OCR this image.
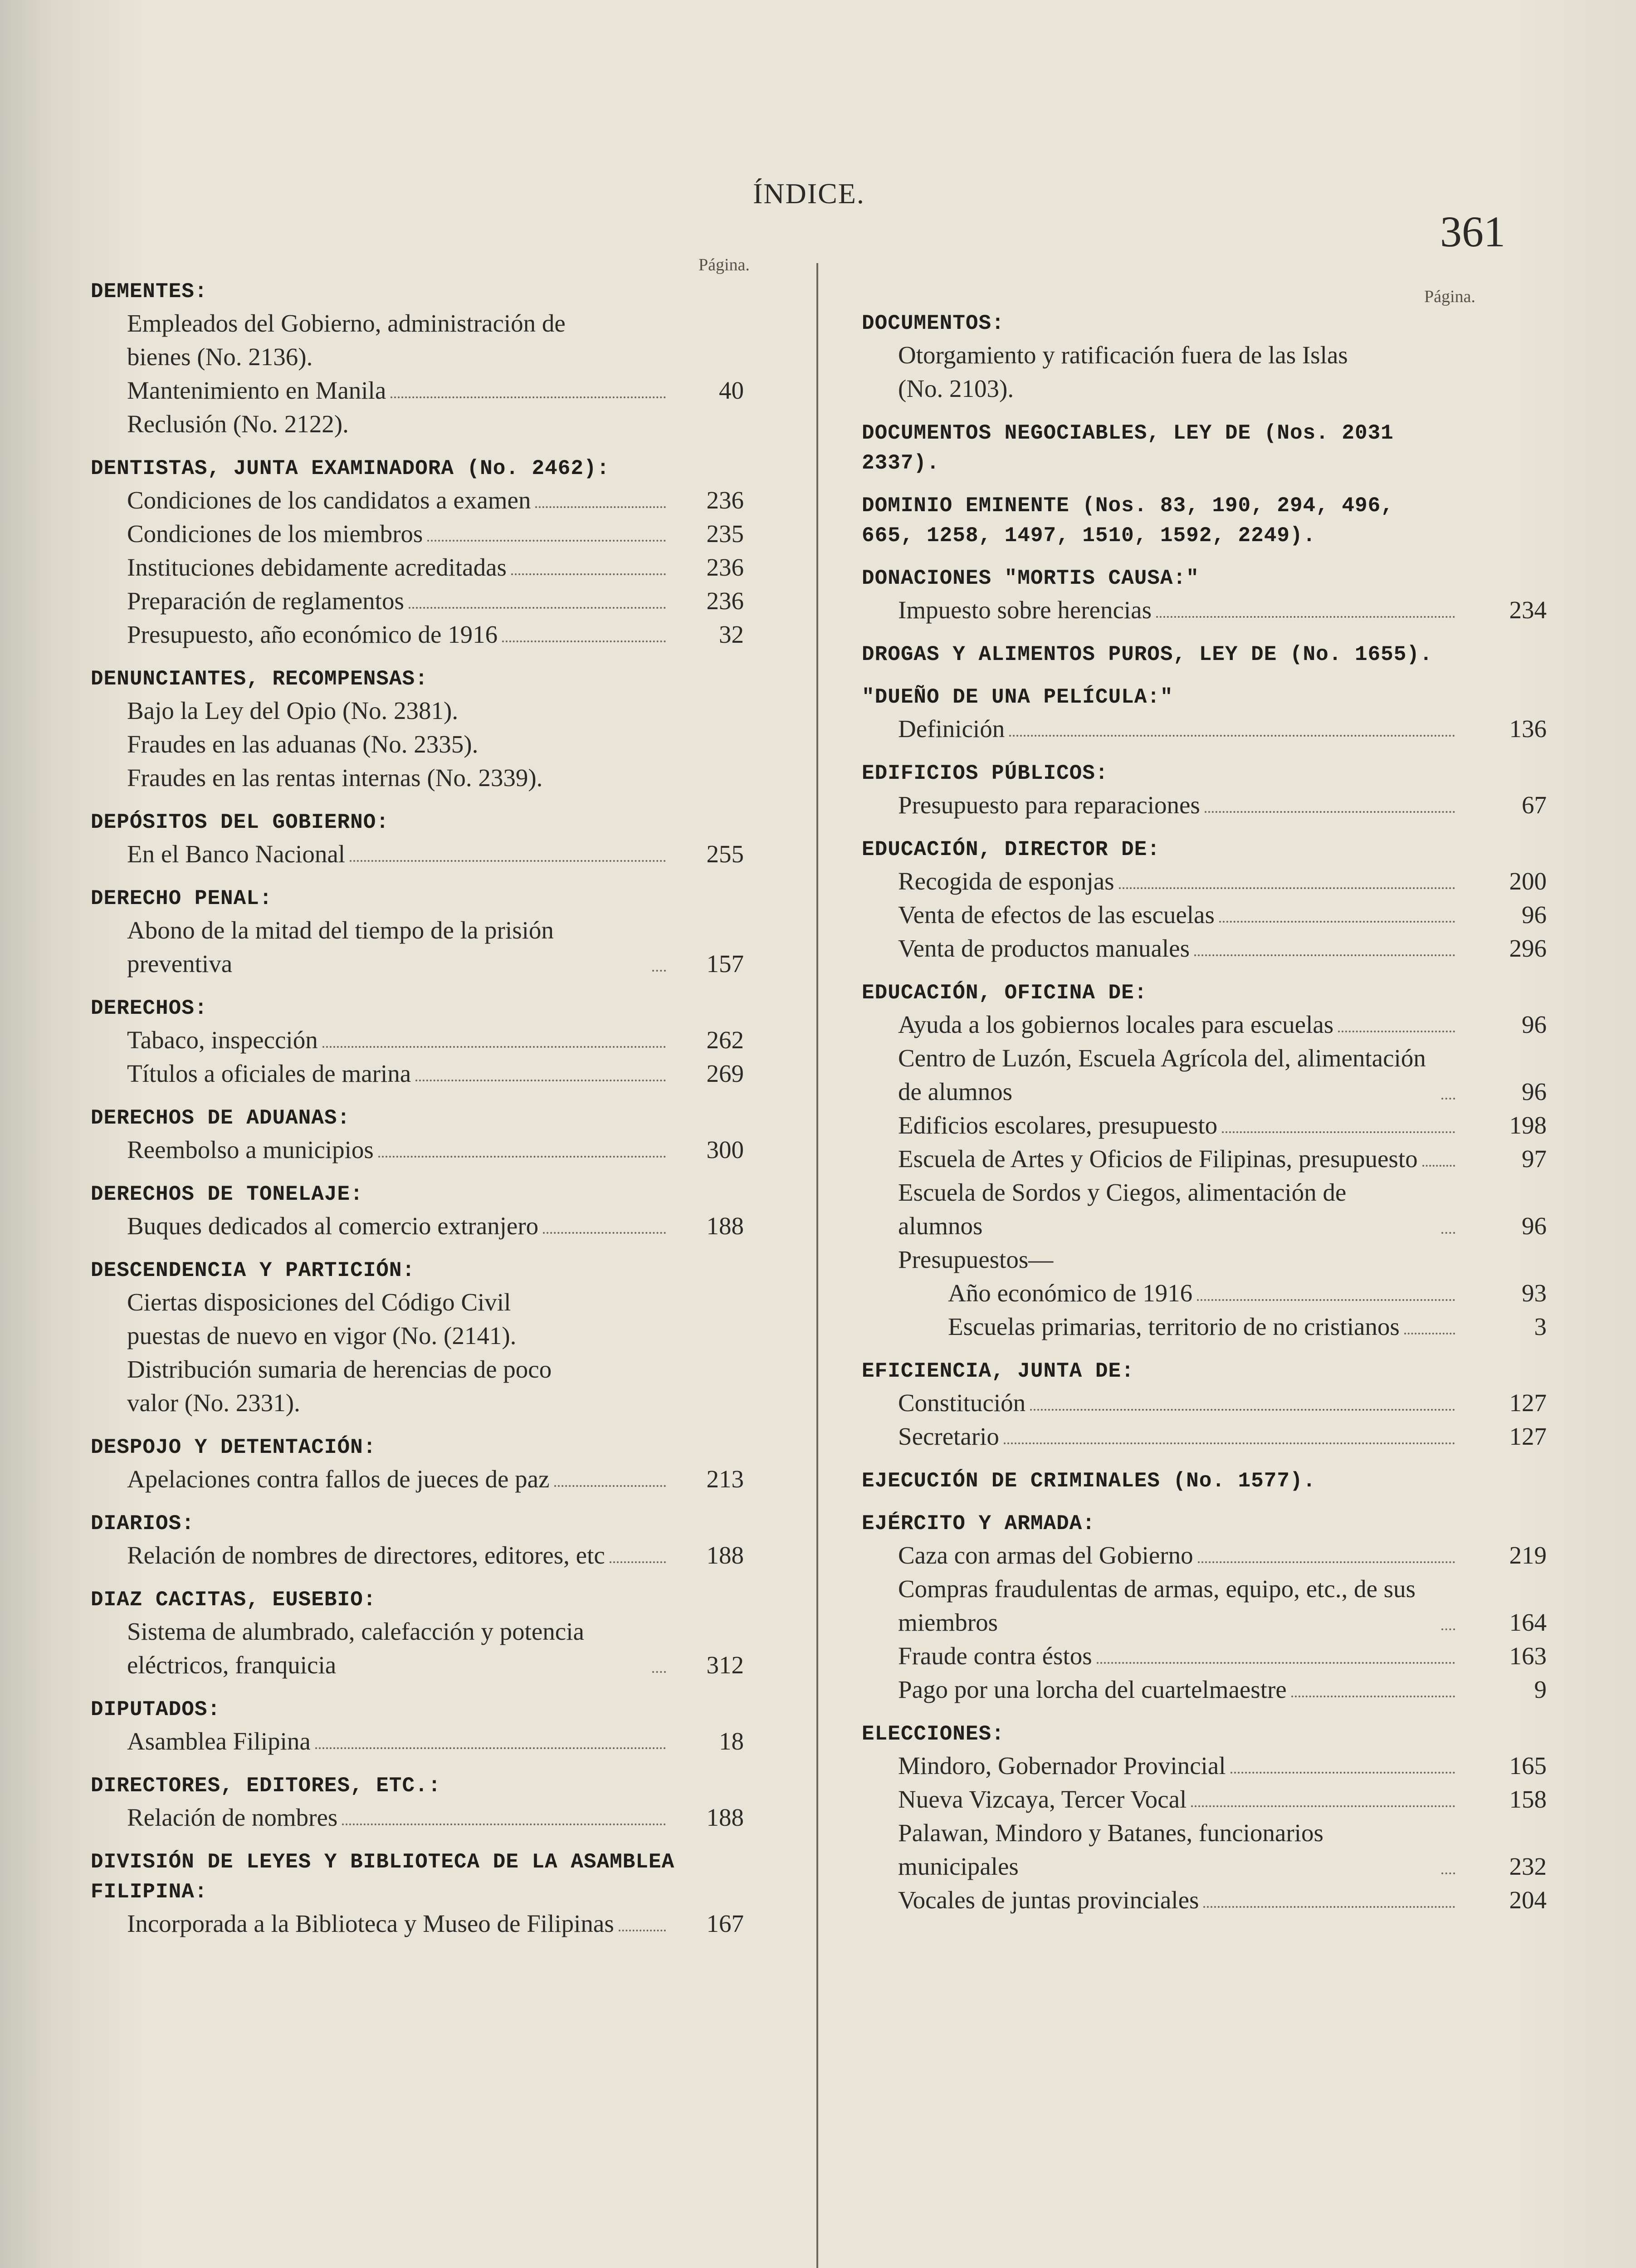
ÍNDICE.
361
Página.
DEMENTES:
Empleados del Gobierno, administración de bienes (No. 2136).
Mantenimiento en Manila	40
Reclusión (No. 2122).
DENTISTAS, JUNTA EXAMINADORA (No. 2462):
Condiciones de los candidatos a examen	236
Condiciones de los miembros	235
Instituciones debidamente acreditadas	236
Preparación de reglamentos	236
Presupuesto, año económico de 1916	32
DENUNCIANTES, RECOMPENSAS:
Bajo la Ley del Opio (No. 2381).
Fraudes en las aduanas (No. 2335).
Fraudes en las rentas internas (No. 2339).
DEPÓSITOS DEL GOBIERNO:
En el Banco Nacional	255
DERECHO PENAL:
Abono de la mitad del tiempo de la prisión preventiva	157
DERECHOS:
Tabaco, inspección	262
Títulos a oficiales de marina	269
DERECHOS DE ADUANAS:
Reembolso a municipios	300
DERECHOS DE TONELAJE:
Buques dedicados al comercio extranjero	188
DESCENDENCIA Y PARTICIÓN:
Ciertas disposiciones del Código Civil puestas de nuevo en vigor (No. (2141).
Distribución sumaria de herencias de poco valor (No. 2331).
DESPOJO Y DETENTACIÓN:
Apelaciones contra fallos de jueces de paz	213
DIARIOS:
Relación de nombres de directores, editores, etc	188
DIAZ CACITAS, EUSEBIO:
Sistema de alumbrado, calefacción y potencia eléctricos, franquicia	312
DIPUTADOS:
Asamblea Filipina	18
DIRECTORES, EDITORES, ETC.:
Relación de nombres	188
DIVISIÓN DE LEYES Y BIBLIOTECA DE LA ASAMBLEA FILIPINA:
Incorporada a la Biblioteca y Museo de Filipinas	167
Página.
DOCUMENTOS:
Otorgamiento y ratificación fuera de las Islas (No. 2103).
DOCUMENTOS NEGOCIABLES, LEY DE (Nos. 2031 2337).
DOMINIO EMINENTE (Nos. 83, 190, 294, 496, 665, 1258, 1497, 1510, 1592, 2249).
DONACIONES "MORTIS CAUSA:"
Impuesto sobre herencias	234
DROGAS Y ALIMENTOS PUROS, LEY DE (No. 1655).
"DUEÑO DE UNA PELÍCULA:"
Definición	136
EDIFICIOS PÚBLICOS:
Presupuesto para reparaciones	67
EDUCACIÓN, DIRECTOR DE:
Recogida de esponjas	200
Venta de efectos de las escuelas	96
Venta de productos manuales	296
EDUCACIÓN, OFICINA DE:
Ayuda a los gobiernos locales para escuelas	96
Centro de Luzón, Escuela Agrícola del, alimentación de alumnos	96
Edificios escolares, presupuesto	198
Escuela de Artes y Oficios de Filipinas, presupuesto	97
Escuela de Sordos y Ciegos, alimentación de alumnos	96
Presupuestos—
Año económico de 1916	93
Escuelas primarias, territorio de no cristianos	3
EFICIENCIA, JUNTA DE:
Constitución	127
Secretario	127
EJECUCIÓN DE CRIMINALES (No. 1577).
EJÉRCITO Y ARMADA:
Caza con armas del Gobierno	219
Compras fraudulentas de armas, equipo, etc., de sus miembros	164
Fraude contra éstos	163
Pago por una lorcha del cuartelmaestre	9
ELECCIONES:
Mindoro, Gobernador Provincial	165
Nueva Vizcaya, Tercer Vocal	158
Palawan, Mindoro y Batanes, funcionarios municipales	232
Vocales de juntas provinciales	204
